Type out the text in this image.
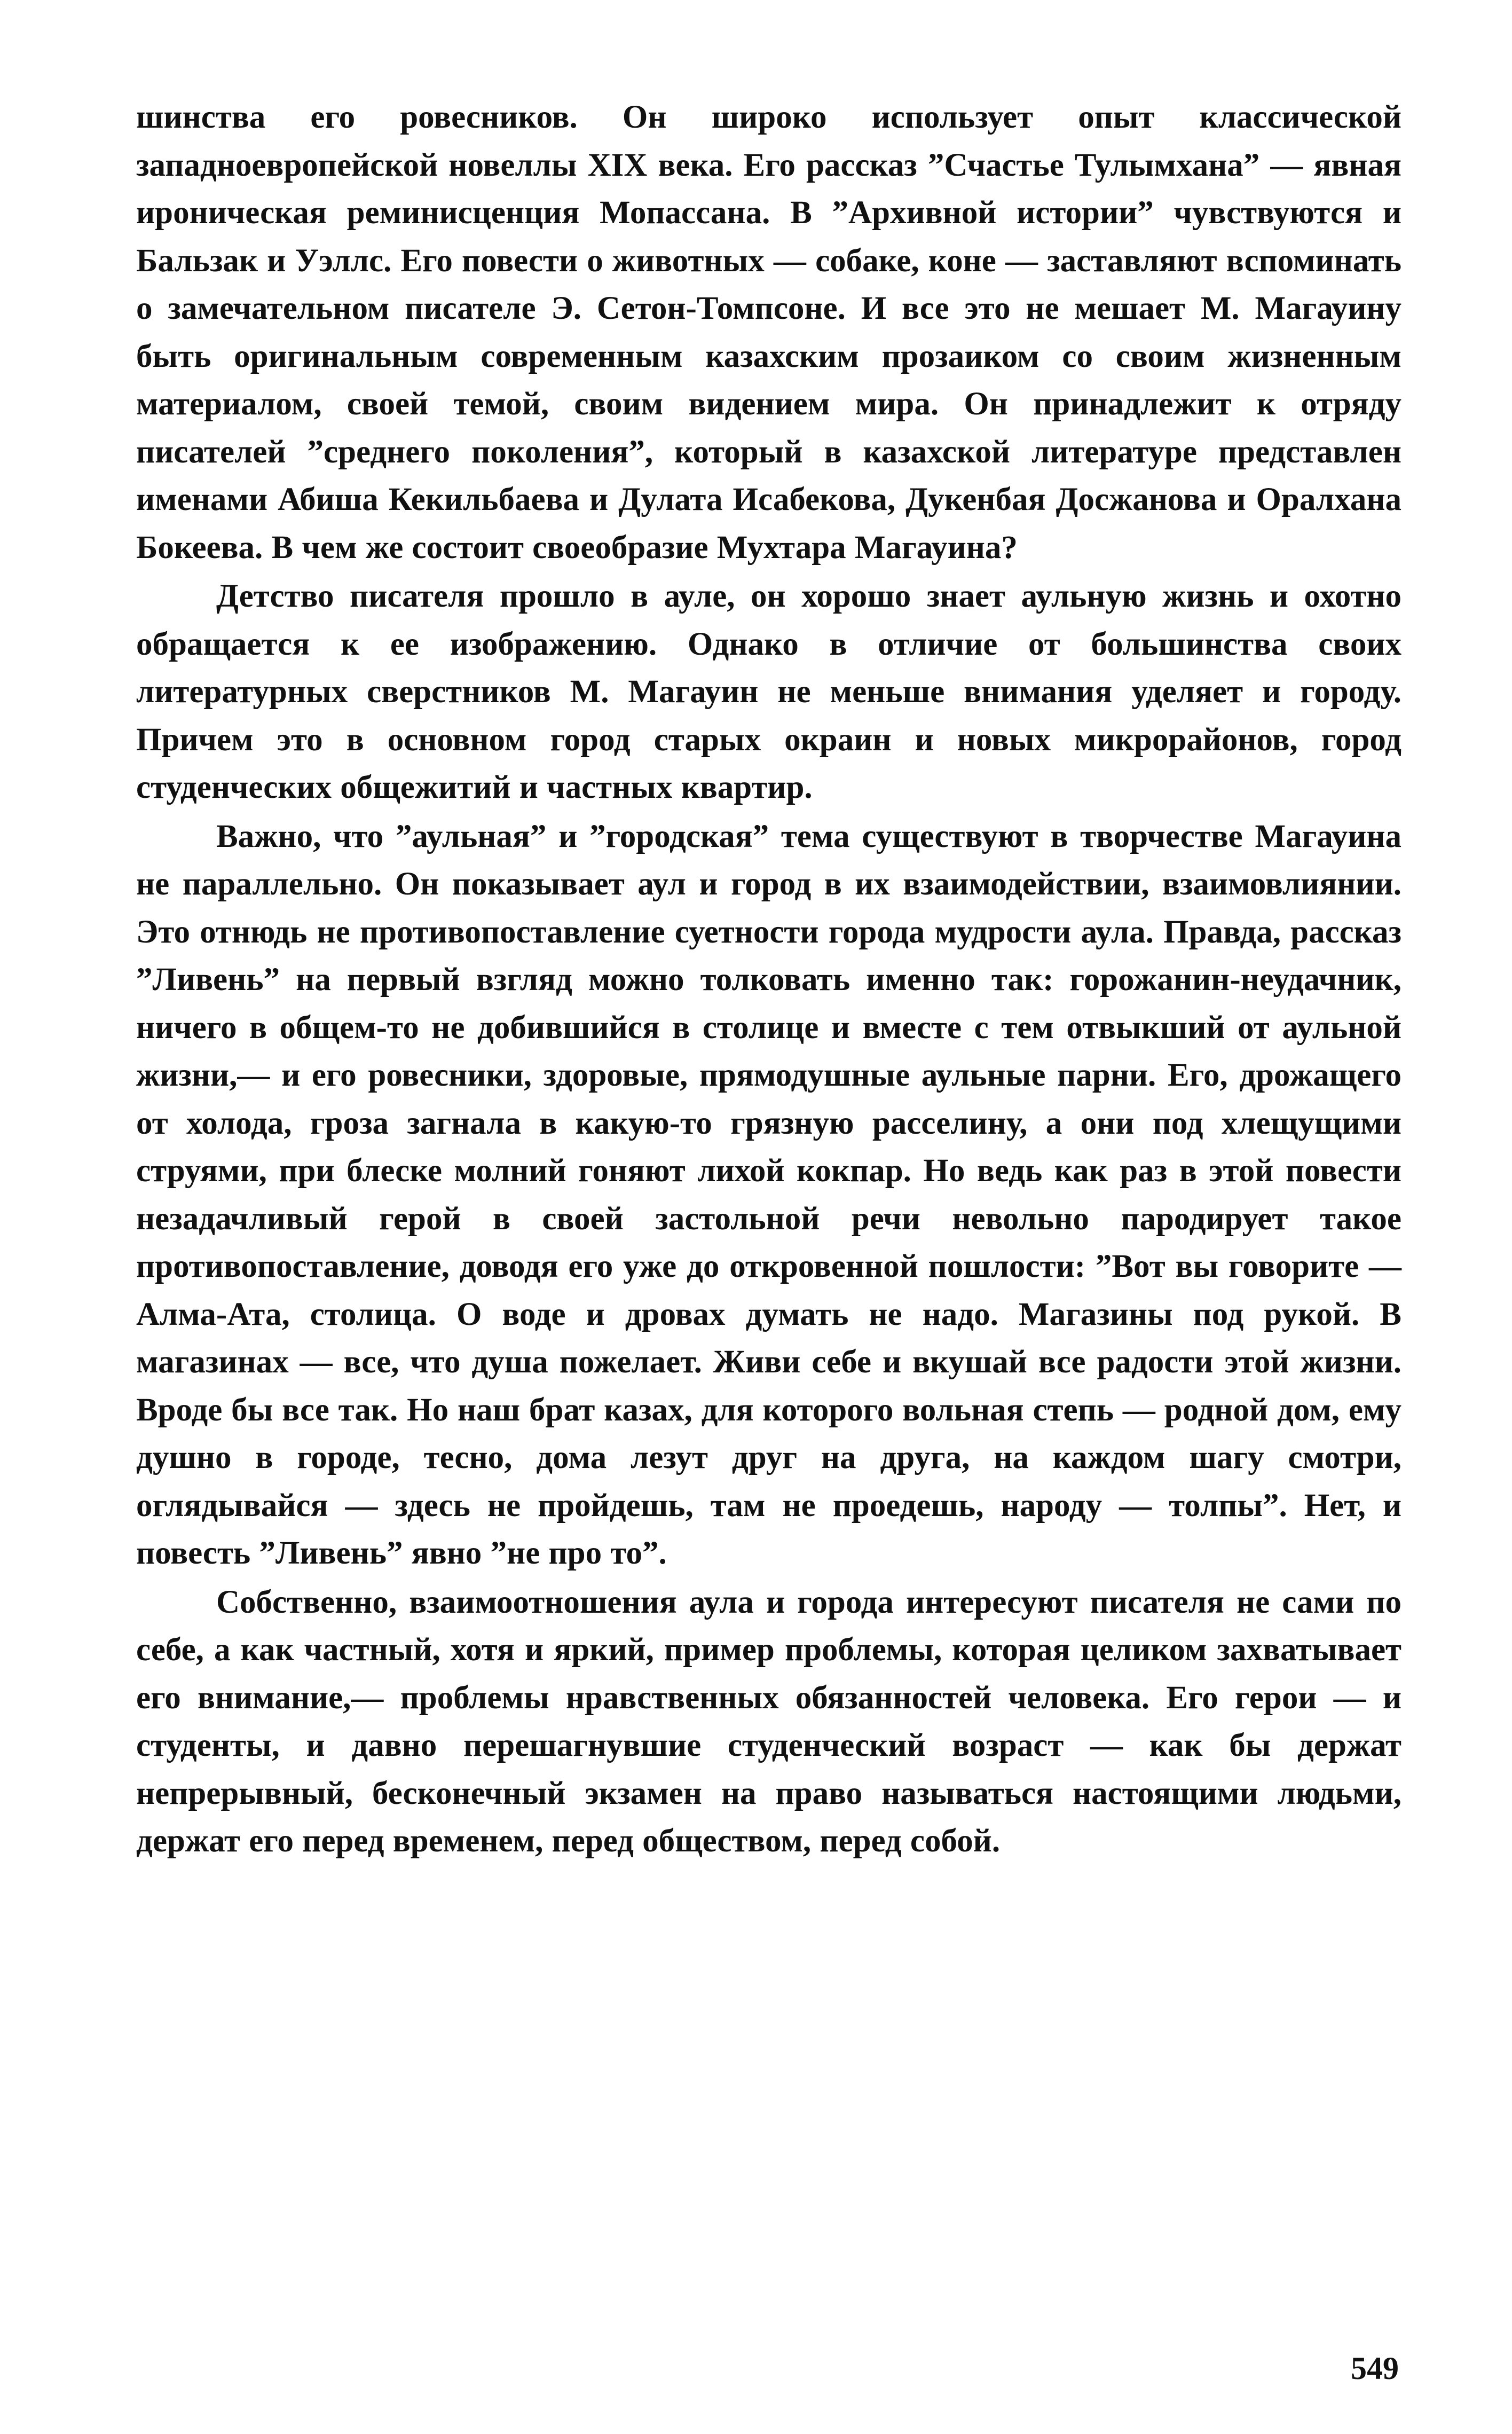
шинства его ровесников. Он широко использует опыт классической западноевропейской новеллы XIX века. Его рассказ ”Счастье Тулымхана” — явная ироническая реминисценция Мопассана. В ”Архивной истории” чувствуются и Бальзак и Уэллс. Его повести о животных — собаке, коне — заставляют вспоминать о замечательном писателе Э. Сетон-Томпсоне. И все это не мешает М. Магауину быть оригинальным современным казахским прозаиком со своим жизненным материалом, своей темой, своим видением мира. Он принадлежит к отряду писателей ”среднего поколения”, который в казахской литературе представлен именами Абиша Кекильбаева и Дулата Исабекова, Дукенбая Досжанова и Оралхана Бокеева. В чем же состоит своеобразие Мухтара Магауина?

Детство писателя прошло в ауле, он хорошо знает аульную жизнь и охотно обращается к ее изображению. Однако в отличие от большинства своих литературных сверстников М. Магауин не меньше внимания уделяет и городу. Причем это в основном город старых окраин и новых микрорайонов, город студенческих общежитий и частных квартир.

Важно, что ”аульная” и ”городская” тема существуют в творчестве Магауина не параллельно. Он показывает аул и город в их взаимодействии, взаимовлиянии. Это отнюдь не противопоставление суетности города мудрости аула. Правда, рассказ ”Ливень” на первый взгляд можно толковать именно так: горожанин-неудачник, ничего в общем-то не добившийся в столице и вместе с тем отвыкший от аульной жизни,— и его ровесники, здоровые, прямодушные аульные парни. Его, дрожащего от холода, гроза загнала в какую-то грязную расселину, а они под хлещущими струями, при блеске молний гоняют лихой кокпар. Но ведь как раз в этой повести незадачливый герой в своей застольной речи невольно пародирует такое противопоставление, доводя его уже до откровенной пошлости: ”Вот вы говорите — Алма-Ата, столица. О воде и дровах думать не надо. Магазины под рукой. В магазинах — все, что душа пожелает. Живи себе и вкушай все радости этой жизни. Вроде бы все так. Но наш брат казах, для которого вольная степь — родной дом, ему душно в городе, тесно, дома лезут друг на друга, на каждом шагу смотри, оглядывайся — здесь не пройдешь, там не проедешь, народу — толпы”. Нет, и повесть ”Ливень” явно ”не про то”.

Собственно, взаимоотношения аула и города интересуют писателя не сами по себе, а как частный, хотя и яркий, пример проблемы, которая целиком захватывает его внимание,— проблемы нравственных обязанностей человека. Его герои — и студенты, и давно перешагнувшие студенческий возраст — как бы держат непрерывный, бесконечный экзамен на право называться настоящими людьми, держат его перед временем, перед обществом, перед собой.

549
